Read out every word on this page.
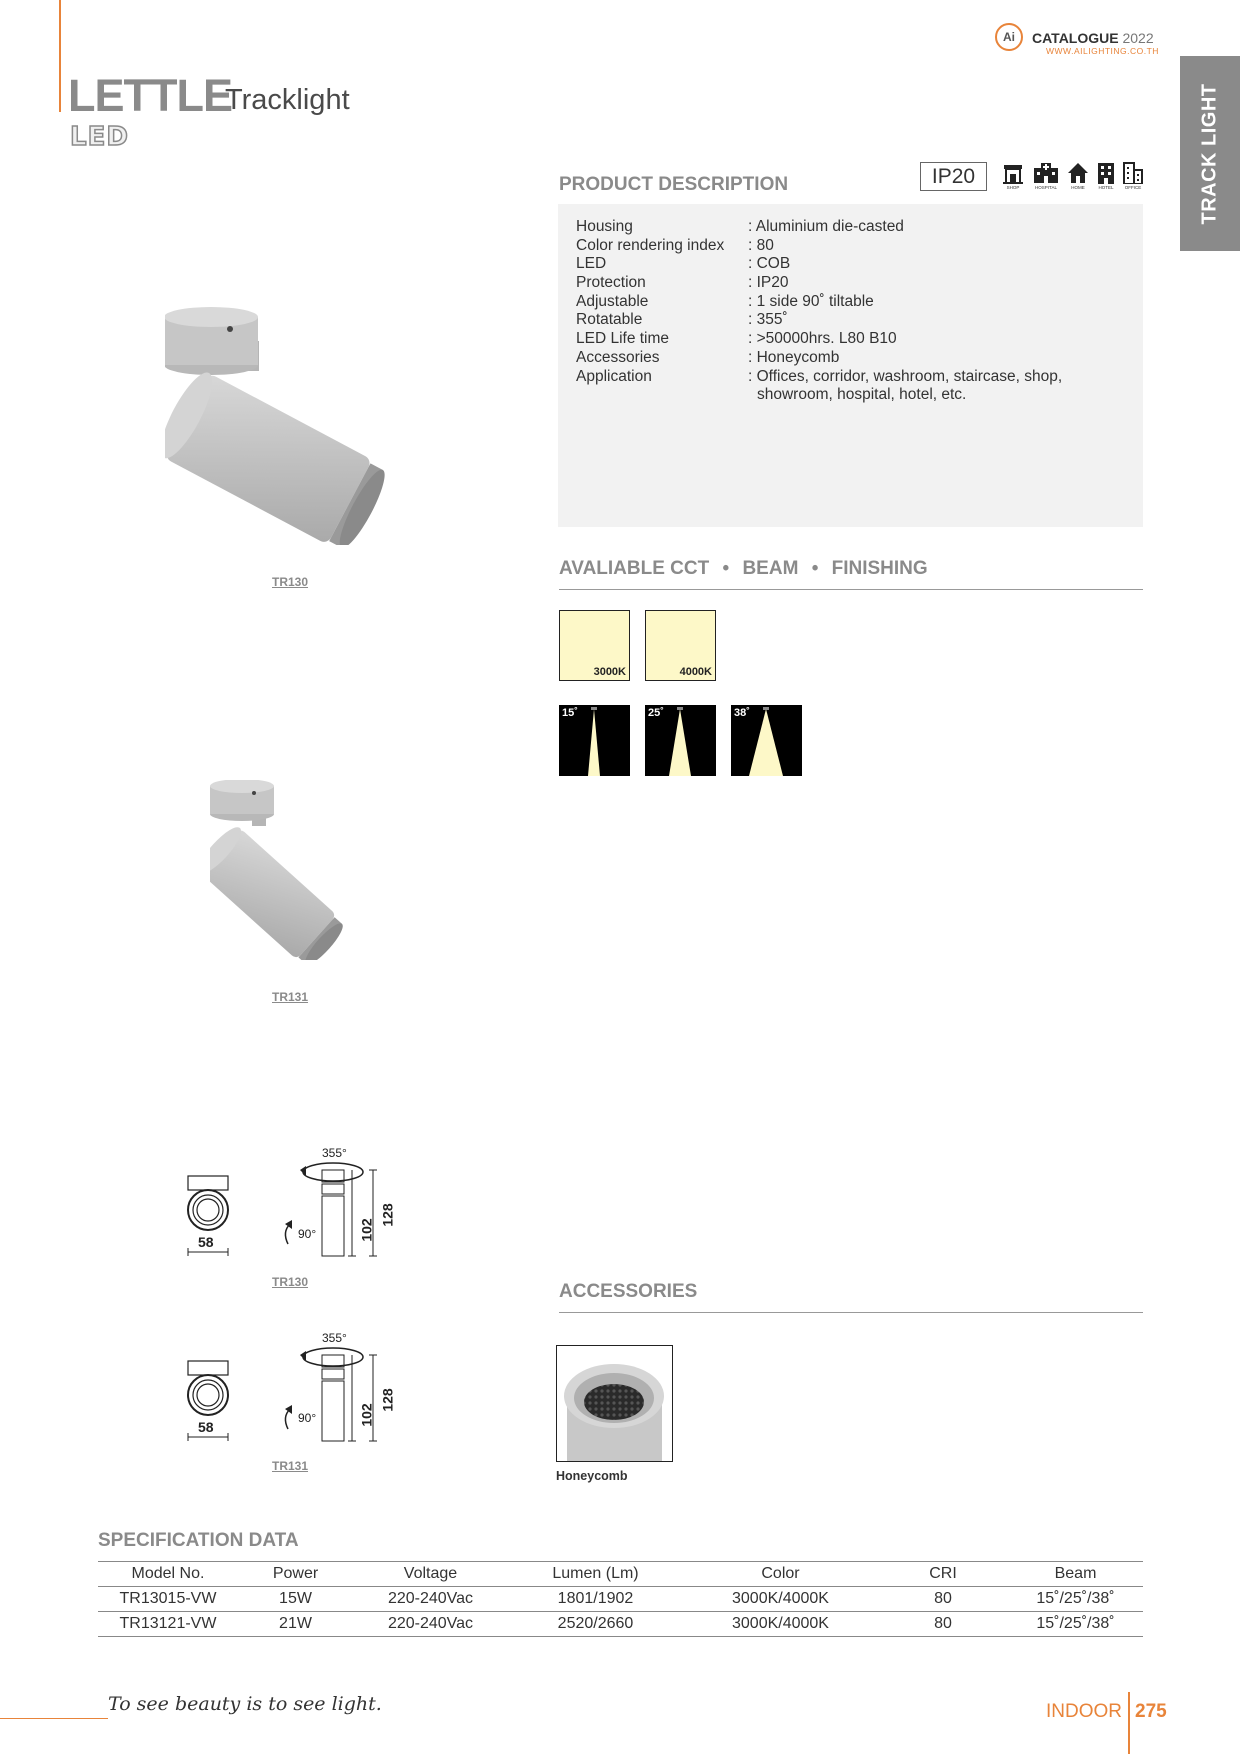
LETTLE
Tracklight
LED
Ai CATALOGUE 2022
WWW.AILIGHTING.CO.TH
TRACK LIGHT
TR130
TR131
PRODUCT DESCRIPTION	IP20	SHOP	HOSPITAL	HOME	HOTEL	OFFICE
Housing	: Aluminium die-casted
Color rendering index : 80
LED	: COB
Protection	: IP20
Adjustable	: 1 side 90˚ tiltable
Rotatable	: 355˚
LED Life time	: >50000hrs. L80 B10
Accessories	: Honeycomb
Application	: Offices, corridor, washroom, staircase, shop,
showroom, hospital, hotel, etc.
AVALIABLE CCT • BEAM • FINISHING
3000K	4000K
15˚	25˚	38˚
355°
90°
58
102
128
TR130
355°
90°
58
102
128
TR131
ACCESSORIES
Honeycomb
SPECIFICATION DATA
Model No.	Power	Voltage	Lumen (Lm)	Color	CRI	Beam
TR13015-VW	15W	220-240Vac	1801/1902	3000K/4000K	80	15˚/25˚/38˚
TR13121-VW	21W	220-240Vac	2520/2660	3000K/4000K	80	15˚/25˚/38˚
To see beauty is to see light.	INDOOR 275
